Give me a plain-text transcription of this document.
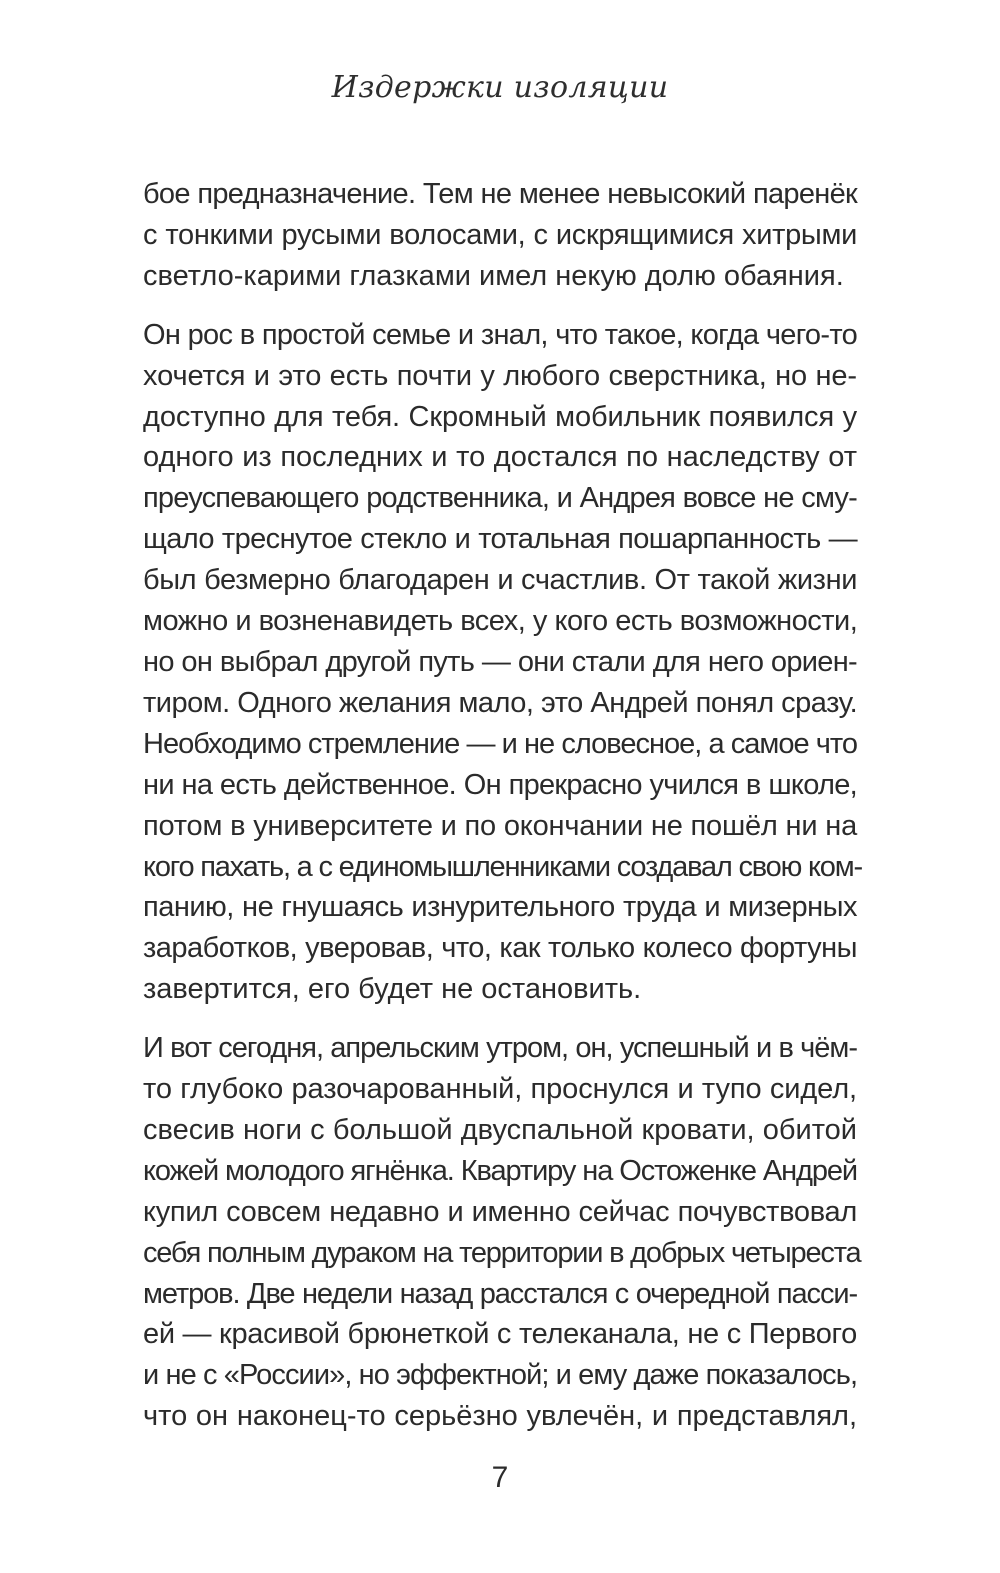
Издержки изоляции

бое предназначение. Тем не менее невысокий паренёк
с тонкими русыми волосами, с искрящимися хитрыми
светло-карими глазками имел некую долю обаяния.

Он рос в простой семье и знал, что такое, когда чего-то
хочется и это есть почти у любого сверстника, но не-
доступно для тебя. Скромный мобильник появился у
одного из последних и то достался по наследству от
преуспевающего родственника, и Андрея вовсе не сму-
щало треснутое стекло и тотальная пошарпанность —
был безмерно благодарен и счастлив. От такой жизни
можно и возненавидеть всех, у кого есть возможности,
но он выбрал другой путь — они стали для него ориен-
тиром. Одного желания мало, это Андрей понял сразу.
Необходимо стремление — и не словесное, а самое что
ни на есть действенное. Он прекрасно учился в школе,
потом в университете и по окончании не пошёл ни на
кого пахать, а с единомышленниками создавал свою ком-
панию, не гнушаясь изнурительного труда и мизерных
заработков, уверовав, что, как только колесо фортуны
завертится, его будет не остановить.

И вот сегодня, апрельским утром, он, успешный и в чём-
то глубоко разочарованный, проснулся и тупо сидел,
свесив ноги с большой двуспальной кровати, обитой
кожей молодого ягнёнка. Квартиру на Остоженке Андрей
купил совсем недавно и именно сейчас почувствовал
себя полным дураком на территории в добрых четыреста
метров. Две недели назад расстался с очередной пасси-
ей — красивой брюнеткой с телеканала, не с Первого
и не с «России», но эффектной; и ему даже показалось,
что он наконец-то серьёзно увлечён, и представлял,

7
